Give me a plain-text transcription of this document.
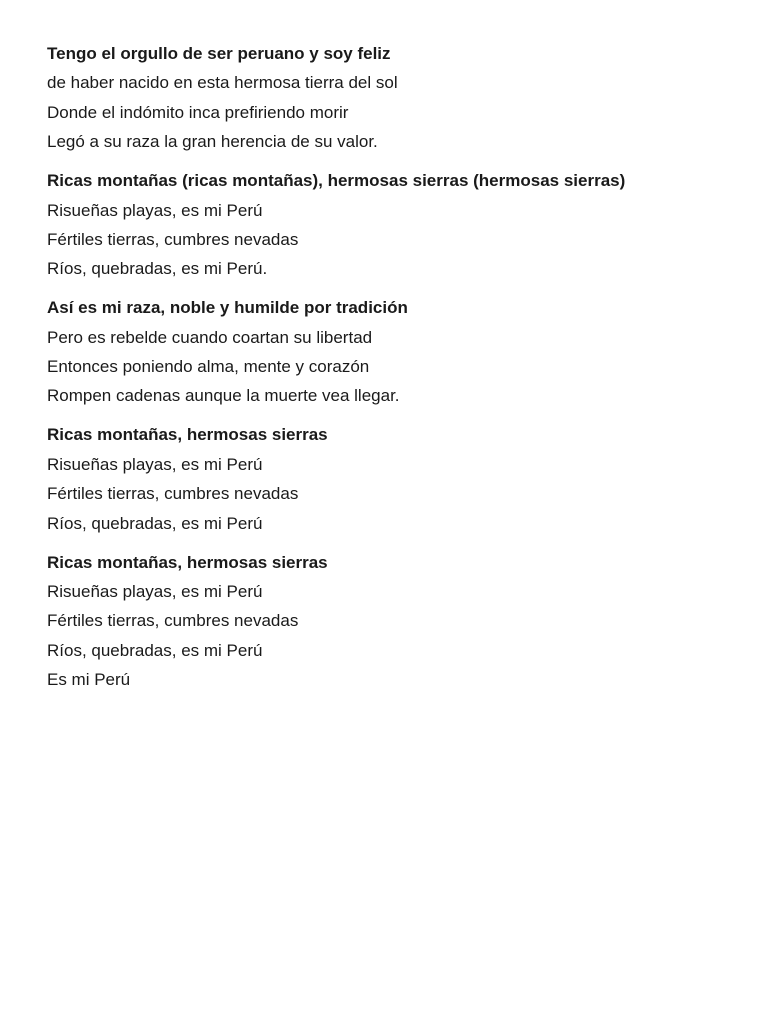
Tengo el orgullo de ser peruano y soy feliz
de haber nacido en esta hermosa tierra del sol
Donde el indómito inca prefiriendo morir
Legó a su raza la gran herencia de su valor.
Ricas montañas (ricas montañas), hermosas sierras (hermosas sierras)
Risueñas playas, es mi Perú
Fértiles tierras, cumbres nevadas
Ríos, quebradas, es mi Perú.
Así es mi raza, noble y humilde por tradición
Pero es rebelde cuando coartan su libertad
Entonces poniendo alma, mente y corazón
Rompen cadenas aunque la muerte vea llegar.
Ricas montañas, hermosas sierras
Risueñas playas, es mi Perú
Fértiles tierras, cumbres nevadas
Ríos, quebradas, es mi Perú
Ricas montañas, hermosas sierras
Risueñas playas, es mi Perú
Fértiles tierras, cumbres nevadas
Ríos, quebradas, es mi Perú
Es mi Perú
